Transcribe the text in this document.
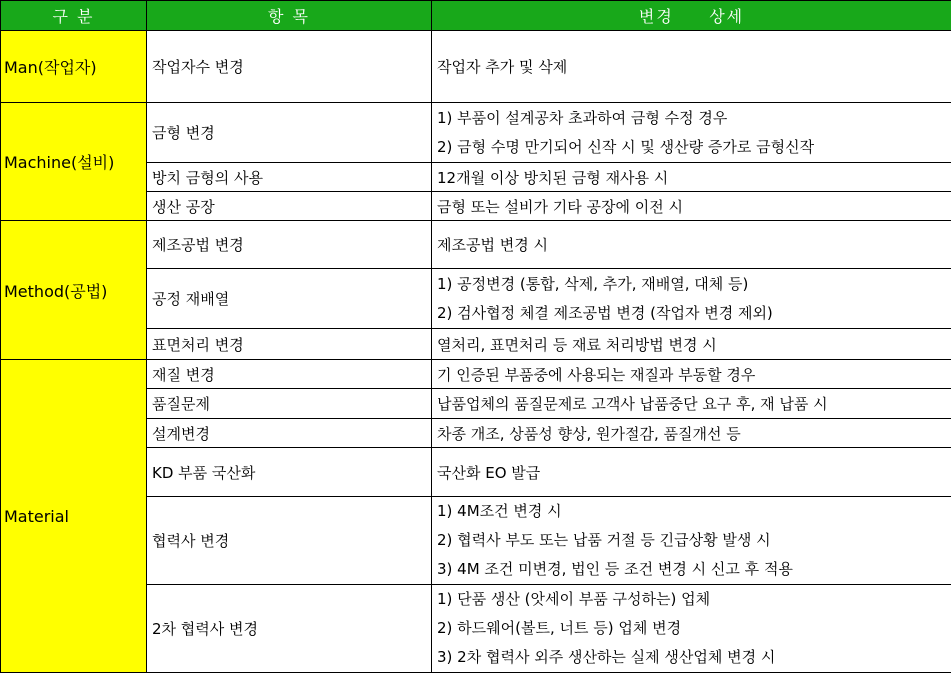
구 분	항 목	변경     상세
Man(작업자)	작업자수 변경	작업자 추가 및 삭제
Machine(설비)	금형 변경	1) 부품이 설계공차 초과하여 금형 수정 경우
2) 금형 수명 만기되어 신작 시 및 생산량 증가로 금형신작

	방치 금형의 사용	12개월 이상 방치된 금형 재사용 시
	생산 공장	금형 또는 설비가 기타 공장에 이전 시
Method(공법)	제조공법 변경	제조공법 변경 시
	공정 재배열	1) 공정변경 (통합, 삭제, 추가, 재배열, 대체 등)
2) 검사협정 체결 제조공법 변경 (작업자 변경 제외)

	표면처리 변경	열처리, 표면처리 등 재료 처리방법 변경 시
Material	재질 변경	기 인증된 부품중에 사용되는 재질과 부동할 경우
	품질문제	납품업체의 품질문제로 고객사 납품중단 요구 후, 재 납품 시
	설계변경	차종 개조, 상품성 향상, 원가절감, 품질개선 등
	KD 부품 국산화	국산화 EO 발급
	협력사 변경	1) 4M조건 변경 시
2) 협력사 부도 또는 납품 거절 등 긴급상황 발생 시
3) 4M 조건 미변경, 법인 등 조건 변경 시 신고 후 적용

	2차 협력사 변경	1) 단품 생산 (앗세이 부품 구성하는) 업체
2) 하드웨어(볼트, 너트 등) 업체 변경
3) 2차 협력사 외주 생산하는 실제 생산업체 변경 시
